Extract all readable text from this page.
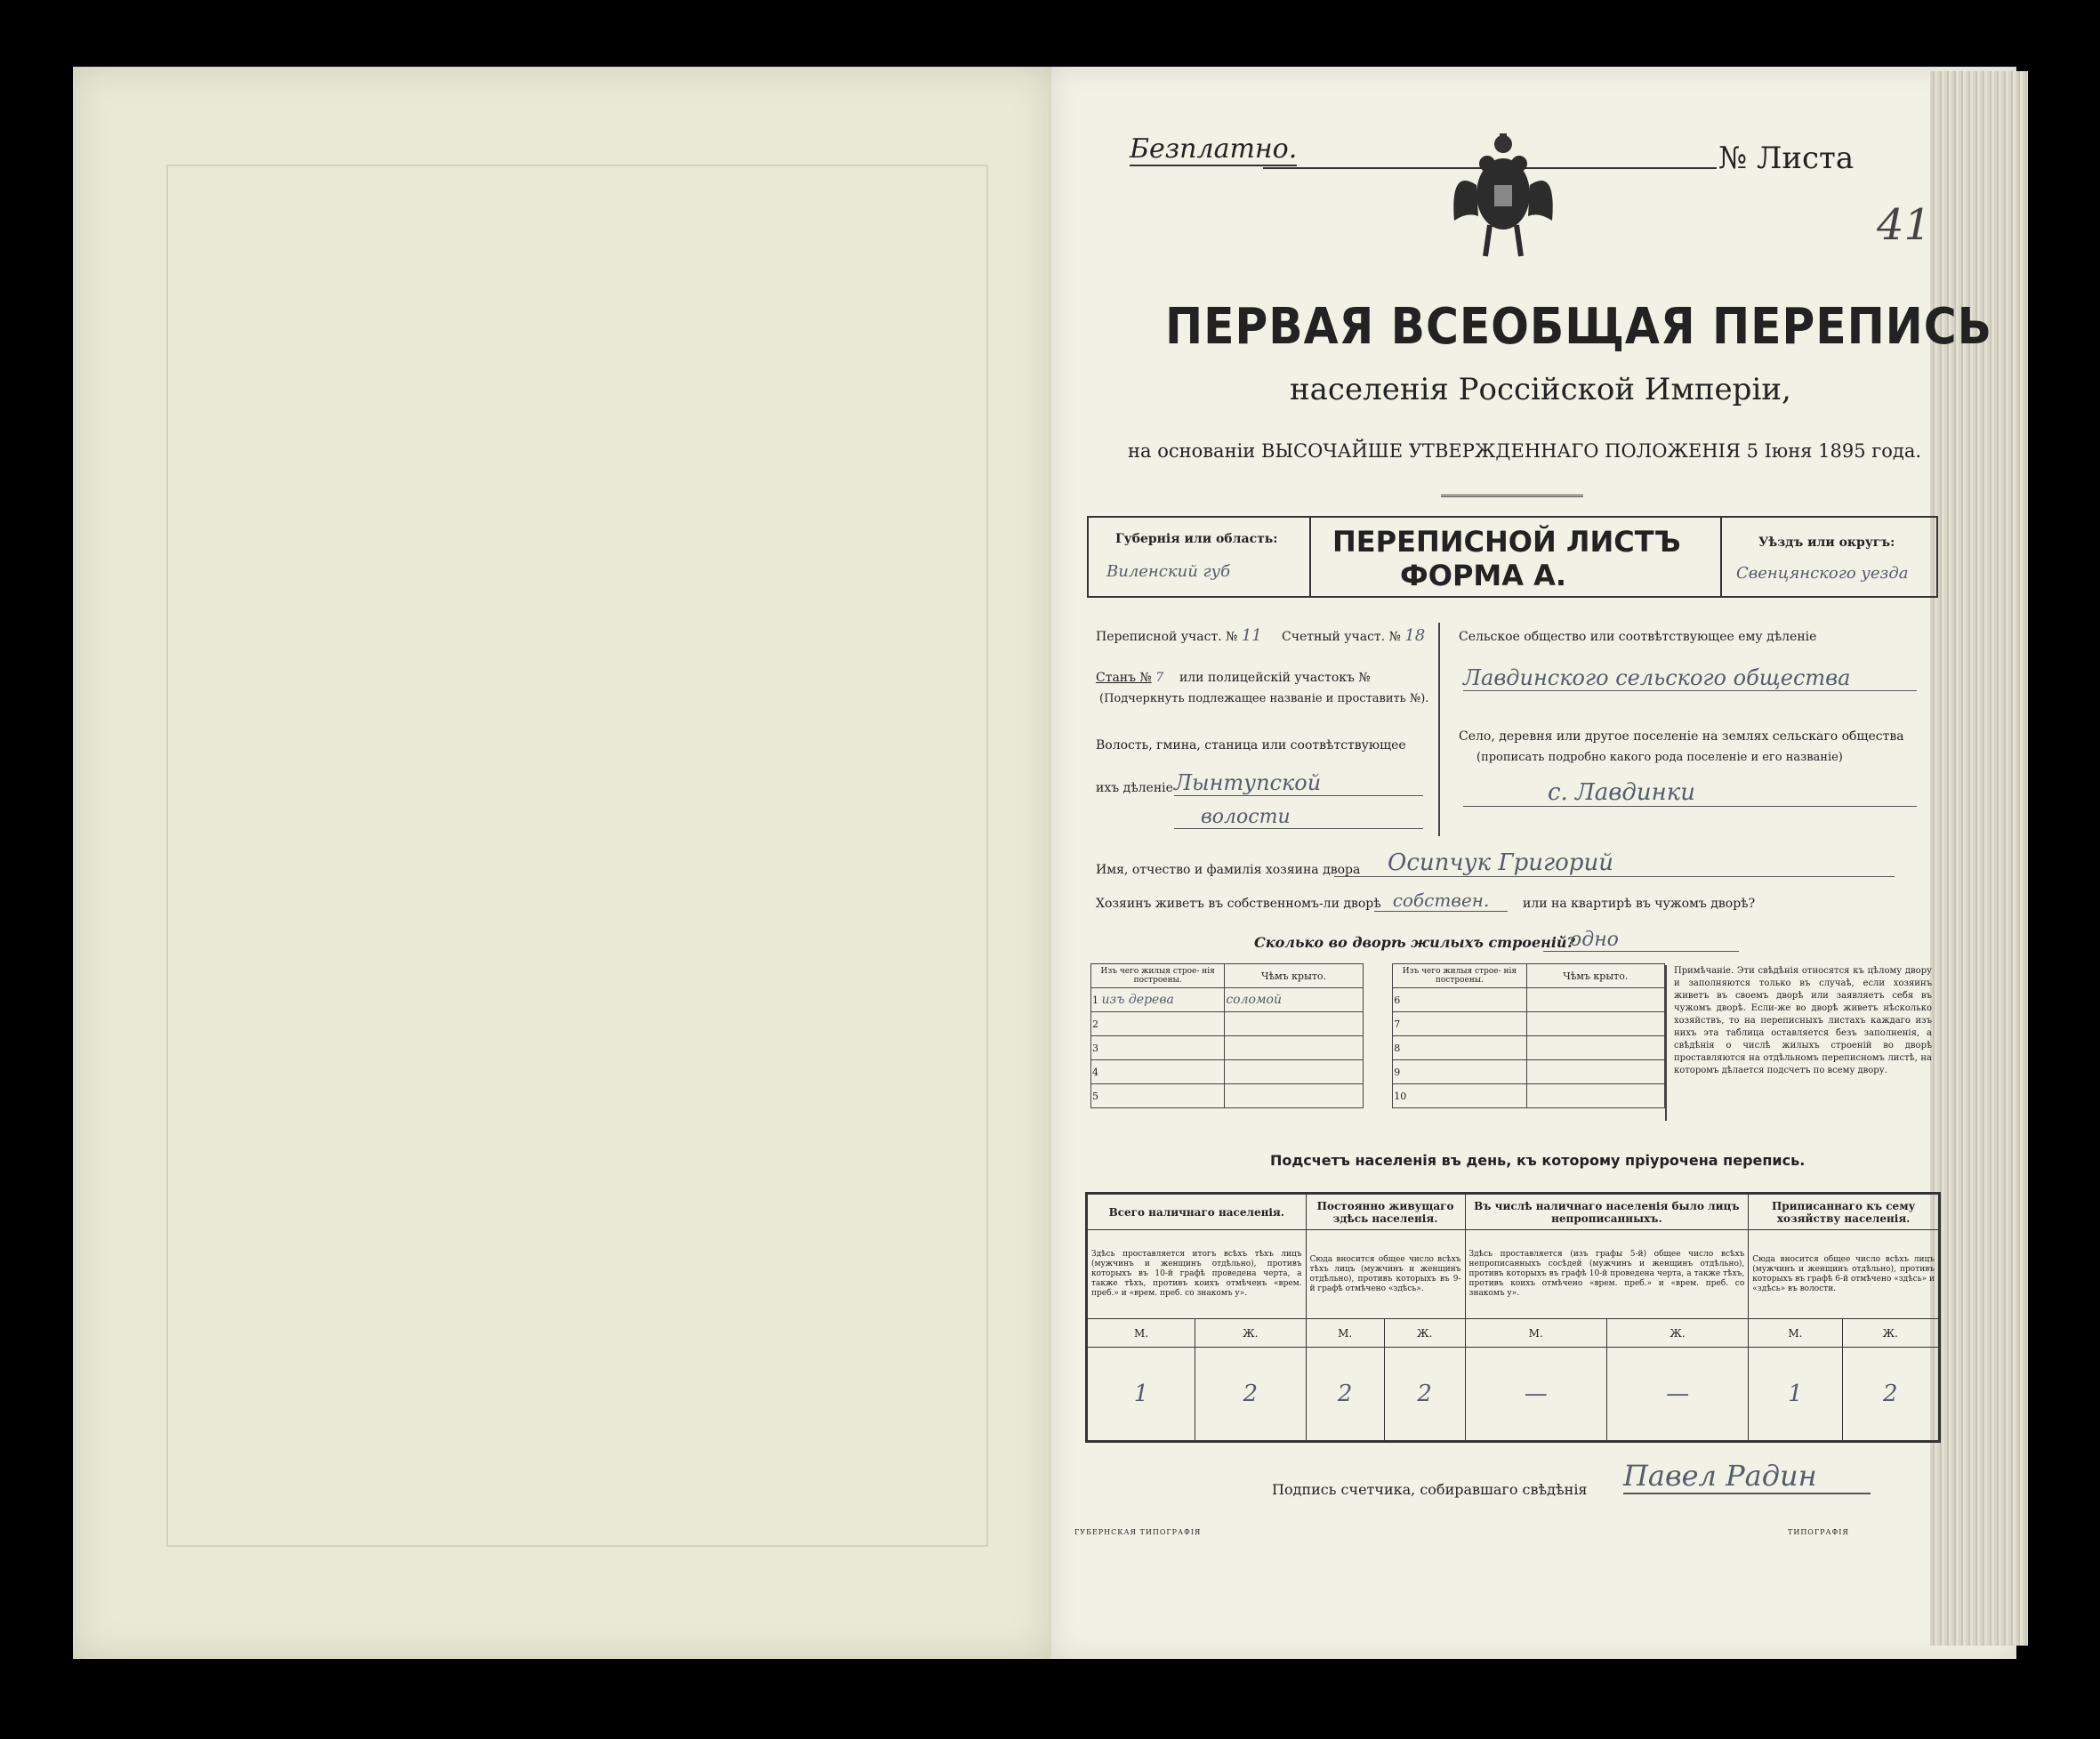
Безплатно.	№ Листа
41
ПЕРВАЯ ВСЕОБЩАЯ ПЕРЕПИСЬ
населенія Россійской Имперіи,
на основаніи ВЫСОЧАЙШЕ УТВЕРЖДЕННАГО ПОЛОЖЕНІЯ 5 Іюня 1895 года.
Губернія или область:
Виленский губ
ПЕРЕПИСНОЙ ЛИСТЪ
ФОРМА А.
Уѣздъ или округъ:
Свенцянского уезда
Переписной участ. № 11 Счетный участ. № 18
Станъ № 7 или полицейскій участокъ №
(Подчеркнуть подлежащее названіе и проставить №).
Волость, гмина, станица или соотвѣтствующее
ихъ дѣленіе Лынтупской
волости
Сельское общество или соотвѣтствующее ему дѣленіе
Лавдинского сельского общества
Село, деревня или другое поселеніе на землях сельскаго общества
(прописать подробно какого рода поселеніе и его названіе)
с. Лавдинки
Имя, отчество и фамилія хозяина двора	Осипчук Григорий
Хозяинъ живетъ въ собственномъ-ли дворѣ собствен.	или на квартирѣ въ чужомъ дворѣ?
Сколько во дворѣ жилыхъ строеній?
одно
Изъ чего жилыя строе- нія построены.	Чѣмъ крыто.		Изъ чего жилыя строе- нія построены.	Чѣмъ крыто.
1 изъ дерева	соломой		6	
2			7	
3			8	
4			9	
5			10	
Примѣчаніе. Эти свѣдѣнія относятся къ цѣлому двору и заполняются только въ случаѣ, если хозяинъ живетъ въ своемъ дворѣ или заявляетъ себя въ чужомъ дворѣ. Если-же во дворѣ живетъ нѣсколько хозяйствъ, то на переписныхъ листахъ каждаго изъ нихъ эта таблица оставляется безъ заполненія, а свѣдѣнія о числѣ жилыхъ строеній во дворѣ проставляются на отдѣльномъ переписномъ листѣ, на которомъ дѣлается подсчетъ по всему двору.
Подсчетъ населенія въ день, къ которому пріурочена перепись.
Всего наличнаго населенія.		Постоянно живущаго здѣсь населенія.		Въ числѣ наличнаго населенія было лицъ непрописанныхъ.		Приписаннаго къ сему хозяйству населенія.	
Здѣсь проставляется итогъ всѣхъ тѣхъ лицъ (мужчинъ и женщинъ отдѣльно), противъ которыхъ въ 10-й графѣ проведена черта, а также тѣхъ, противъ коихъ отмѣченъ «врем. преб.» и «врем. преб. со знакомъ у».		Сюда вносится общее число всѣхъ тѣхъ лицъ (мужчинъ и женщинъ отдѣльно), противъ которыхъ въ 9-й графѣ отмѣчено «здѣсь».		Здѣсь проставляется (изъ графы 5-й) общее число всѣхъ непрописанныхъ сосѣдей (мужчинъ и женщинъ отдѣльно), противъ которыхъ въ графѣ 10-й проведена черта, а также тѣхъ, противъ коихъ отмѣчено «врем. преб.» и «врем. преб. со знакомъ у».		Сюда вносится общее число всѣхъ лицъ (мужчинъ и женщинъ отдѣльно), противъ которыхъ въ графѣ 6-й отмѣчено «здѣсь» и «здѣсь» въ волости.	
М.	Ж.	М.	Ж.	М.	Ж.	М.	Ж.
1	2	2	2	—	—	1	2
Подпись счетчика, собиравшаго свѣдѣнія Павел Радин
ГУБЕРНСКАЯ ТИПОГРАФІЯ	ТИПОГРАФІЯ
